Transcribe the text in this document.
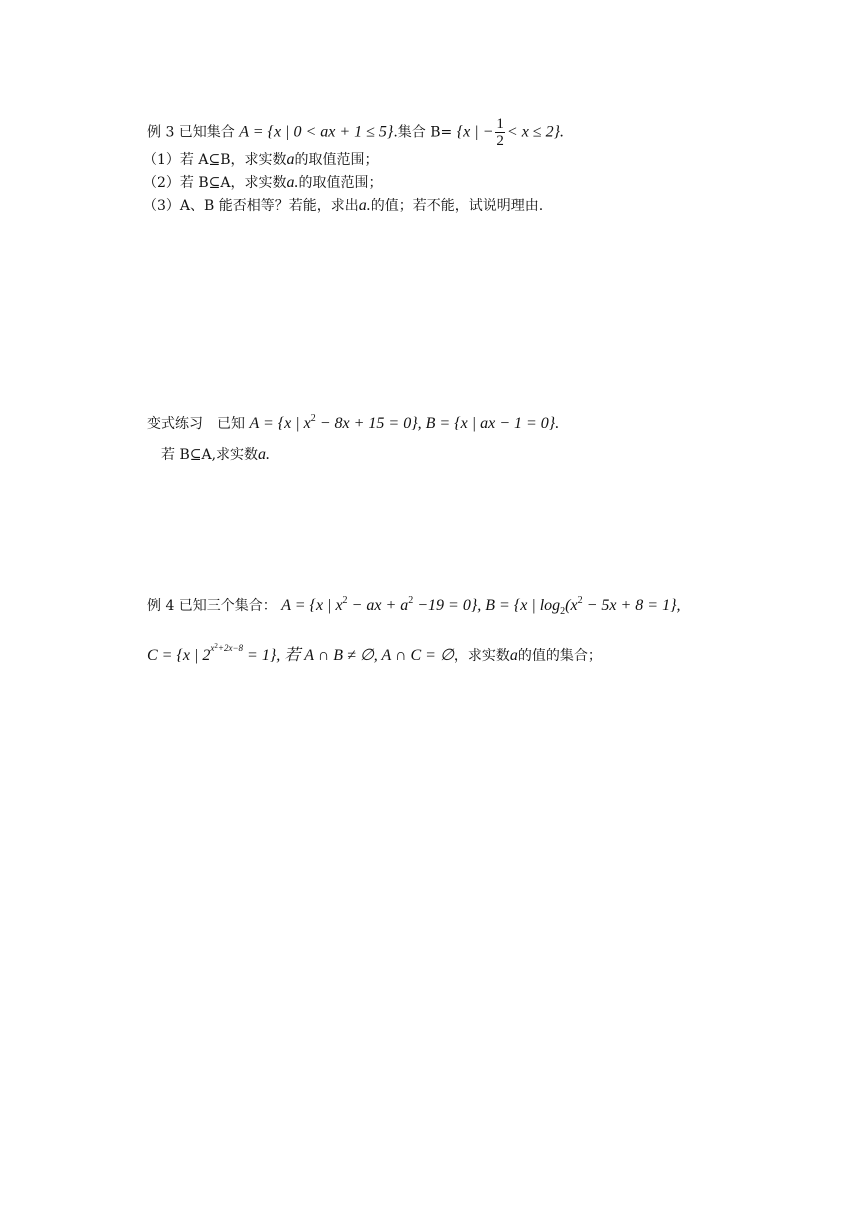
例 3 已知集合 A = {x | 0 < ax + 1 ≤ 5}.集合 B= {x | − $\frac{1}{2} < x \le 2$}.
（1）若 A⊆B，求实数a的取值范围；
（2）若 B⊆A，求实数a.的取值范围；
（3）A、B 能否相等？若能，求出a.的值；若不能，试说明理由.
变式练习　已知 A = {x | $x^2 - 8x + 15 = 0$}, B = {x | ax − 1 = 0}.
若 B⊆A,求实数a.
例 4 已知三个集合： A = {x | $x^2$ − ax + $a^2 -19 = 0$}, B = {x | $\log_2(x^2 - 5x + 8 = 1\}$,
C = {x | $2^{x^2+2x-8} = 1$}, 若 A ∩ B ≠ ∅, A ∩ C = ∅，求实数a的值的集合；
